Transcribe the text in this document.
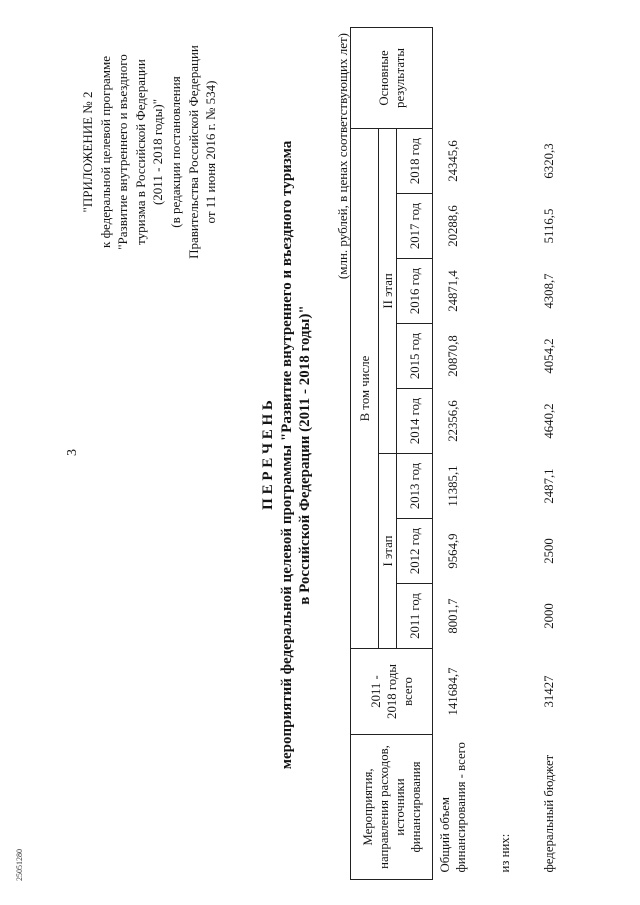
25051280
3
"ПРИЛОЖЕНИЕ № 2 к федеральной целевой программе "Развитие внутреннего и въездного туризма в Российской Федерации (2011 - 2018 годы)" (в редакции постановления Правительства Российской Федерации от 11 июня 2016 г. № 534)
П Е Р Е Ч Е Н Ь мероприятий федеральной целевой программы "Развитие внутреннего и въездного туризма в Российской Федерации (2011 - 2018 годы)"
(млн. рублей, в ценах соответствующих лет)
Мероприятия,
направления расходов,
источники
финансирования	2011 -
2018 годы
всего	В том числе								Основные
результаты
		I этап			II этап					
		2011 год	2012 год	2013 год	2014 год	2015 год	2016 год	2017 год	2018 год	
Общий объем
финансирования - всего	141684,7	8001,7	9564,9	11385,1	22356,6	20870,8	24871,4	20288,6	24345,6	
из них:										
федеральный бюджет	31427	2000	2500	2487,1	4640,2	4054,2	4308,7	5116,5	6320,3	
